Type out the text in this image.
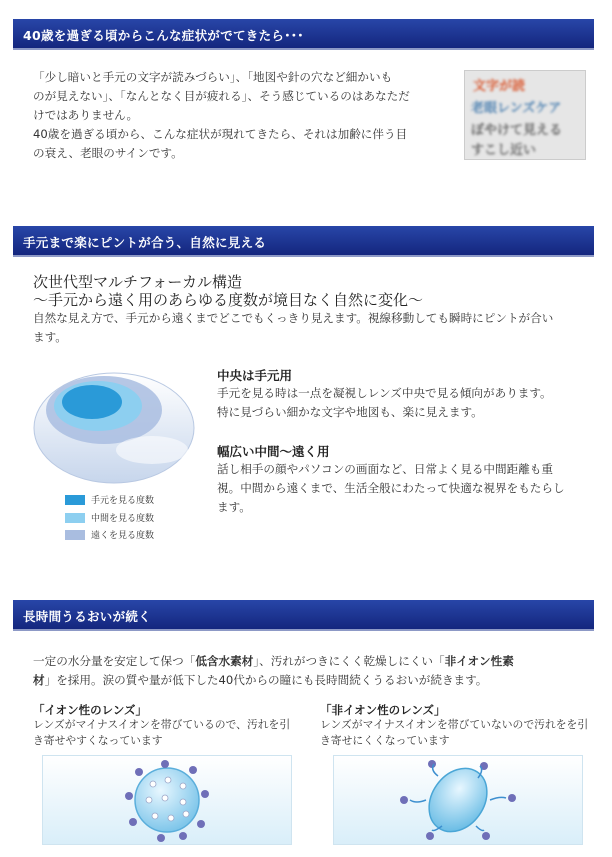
40歳を過ぎる頃からこんな症状がでてきたら･･･
「少し暗いと手元の文字が読みづらい」、「地図や針の穴など細かいも
のが見えない」、「なんとなく目が疲れる」、そう感じているのはあなただ
けではありません。
40歳を過ぎる頃から、こんな症状が現れてきたら、それは加齢に伴う目
の衰え、老眼のサインです。
文字が読
老眼レンズケア
ぼやけて見える
すこし近い
手元まで楽にピントが合う、自然に見える
次世代型マルチフォーカル構造
～手元から遠く用のあらゆる度数が境目なく自然に変化～
自然な見え方で、手元から遠くまでどこでもくっきり見えます。視線移動しても瞬時にピントが合い
ます。
手元を見る度数
中間を見る度数
遠くを見る度数
中央は手元用
手元を見る時は一点を凝視しレンズ中央で見る傾向があります。
特に見づらい細かな文字や地図も、楽に見えます。
幅広い中間～遠く用
話し相手の顔やパソコンの画面など、日常よく見る中間距離も重
視。中間から遠くまで、生活全般にわたって快適な視界をもたらし
ます。
長時間うるおいが続く
一定の水分量を安定して保つ「低含水素材」、汚れがつきにくく乾燥しにくい「非イオン性素
材」を採用。涙の質や量が低下した40代からの瞳にも長時間続くうるおいが続きます。
「イオン性のレンズ」
レンズがマイナスイオンを帯びているので、汚れを引
き寄せやすくなっています
「非イオン性のレンズ」
レンズがマイナスイオンを帯びていないので汚れをを引
き寄せにくくなっています
